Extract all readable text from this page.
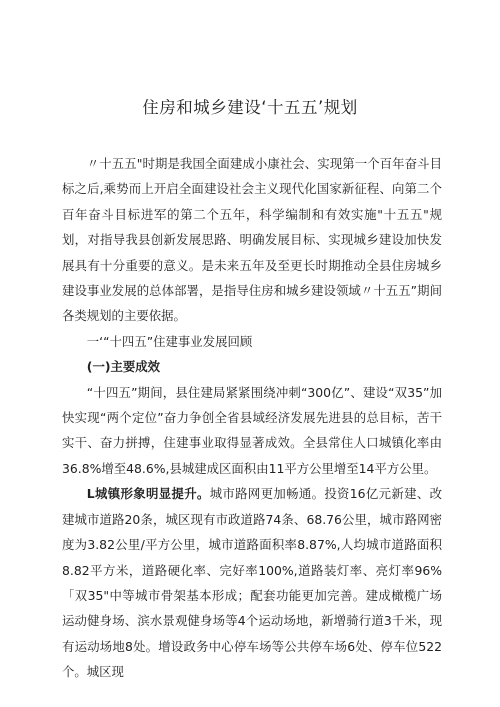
住房和城乡建设‘十五五’规划

〃十五五"时期是我国全面建成小康社会、实现第一个百年奋斗目标之后,乘势而上开启全面建设社会主义现代化国家新征程、向第二个百年奋斗目标进军的第二个五年，科学编制和有效实施"十五五"规划，对指导我县创新发展思路、明确发展目标、实现城乡建设加快发展具有十分重要的意义。是未来五年及至更长时期推动全县住房城乡建设事业发展的总体部署，是指导住房和城乡建设领域〃十五五”期间各类规划的主要依据。

一‘“十四五”住建事业发展回顾

(一)主要成效

“十四五”期间，县住建局紧紧围绕冲刺“300亿”、建设“双35”加快实现“两个定位”奋力争创全省县域经济发展先进县的总目标，苦干实干、奋力拼搏，住建事业取得显著成效。全县常住人口城镇化率由36.8%增至48.6%,县城建成区面积由11平方公里增至14平方公里。

L城镇形象明显提升。城市路网更加畅通。投资16亿元新建、改建城市道路20条，城区现有市政道路74条、68.76公里，城市路网密度为3.82公里/平方公里，城市道路面积率8.87%,人均城市道路面积8.82平方米，道路硬化率、完好率100%,道路装灯率、亮灯率96%「双35"中等城市骨架基本形成；配套功能更加完善。建成橄榄广场运动健身场、滨水景观健身场等4个运动场地，新增骑行道3千米，现有运动场地8处。增设政务中心停车场等公共停车场6处、停车位522个。城区现
